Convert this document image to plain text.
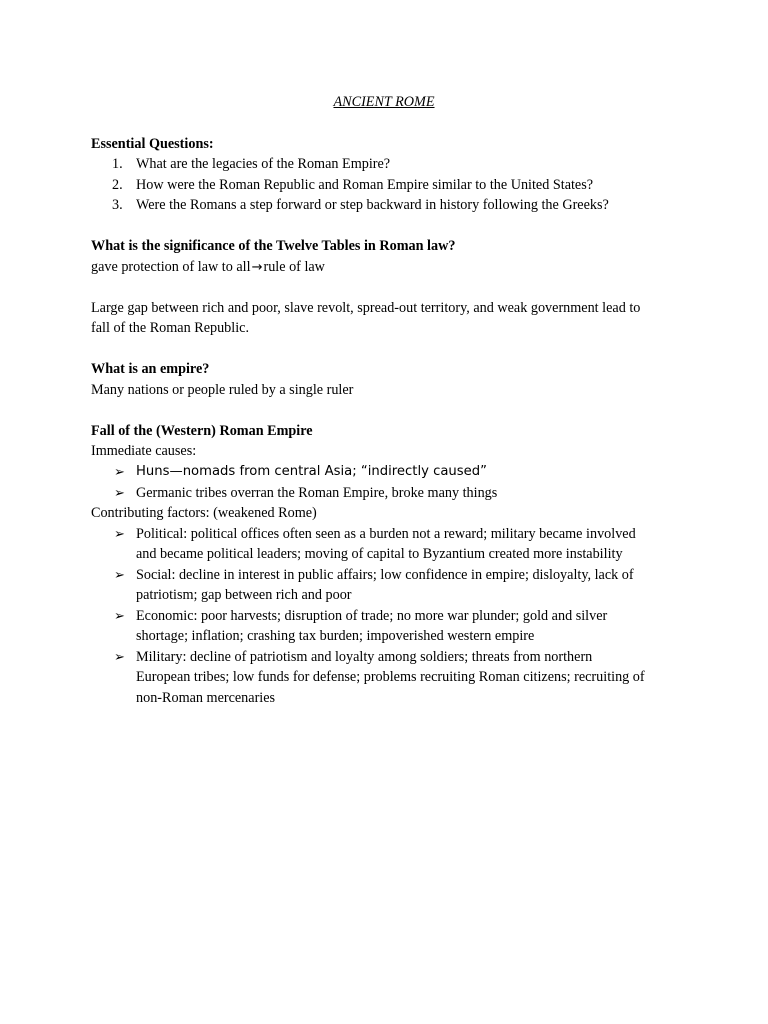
ANCIENT ROME
Essential Questions:
1. What are the legacies of the Roman Empire?
2. How were the Roman Republic and Roman Empire similar to the United States?
3. Were the Romans a step forward or step backward in history following the Greeks?
What is the significance of the Twelve Tables in Roman law?
gave protection of law to all→rule of law
Large gap between rich and poor, slave revolt, spread-out territory, and weak government lead to
fall of the Roman Republic.
What is an empire?
Many nations or people ruled by a single ruler
Fall of the (Western) Roman Empire
Immediate causes:
➢ Huns—nomads from central Asia; “indirectly caused”
➢ Germanic tribes overran the Roman Empire, broke many things
Contributing factors: (weakened Rome)
➢ Political: political offices often seen as a burden not a reward; military became involved
and became political leaders; moving of capital to Byzantium created more instability
➢ Social: decline in interest in public affairs; low confidence in empire; disloyalty, lack of
patriotism; gap between rich and poor
➢ Economic: poor harvests; disruption of trade; no more war plunder; gold and silver
shortage; inflation; crashing tax burden; impoverished western empire
➢ Military: decline of patriotism and loyalty among soldiers; threats from northern
European tribes; low funds for defense; problems recruiting Roman citizens; recruiting of
non-Roman mercenaries
